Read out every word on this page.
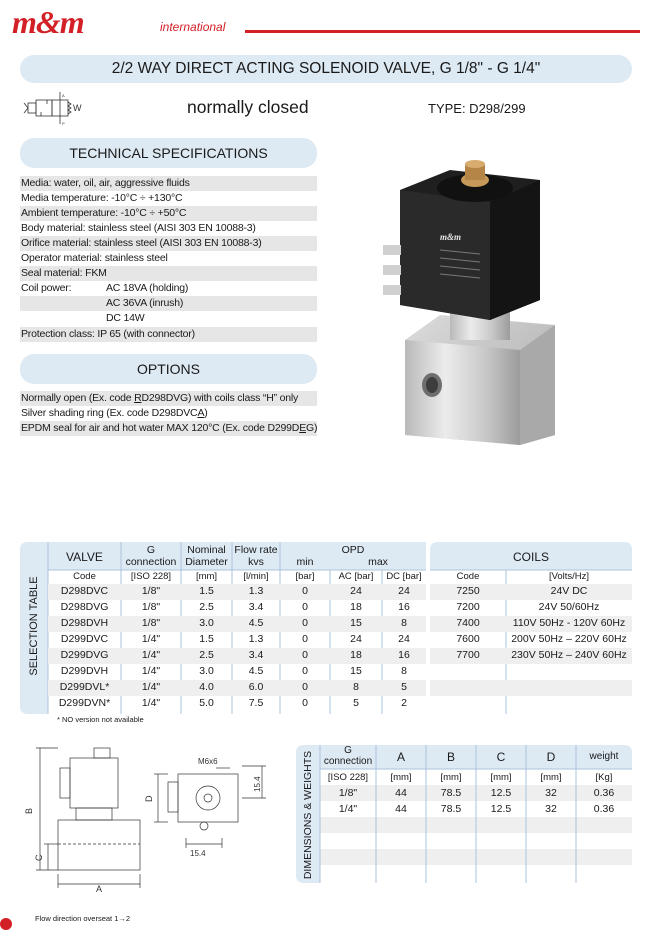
m&m	international
2/2 WAY DIRECT ACTING SOLENOID VALVE, G 1/8" - G 1/4"
W
A
P
normally closed	TYPE: D298/299
TECHNICAL SPECIFICATIONS
Media: water, oil, air, aggressive fluids
Media temperature: -10°C ÷ +130°C
Ambient temperature: -10°C ÷ +50°C
Body material: stainless steel (AISI 303 EN 10088-3)
Orifice material: stainless steel (AISI 303 EN 10088-3)
Operator material: stainless steel
Seal material: FKM
Coil power:	AC 18VA (holding)
AC 36VA (inrush)
DC 14W
Protection class: IP 65 (with connector)
OPTIONS
Normally open (Ex. code RD298DVG) with coils class “H” only
Silver shading ring (Ex. code D298DVCA)
EPDM seal for air and hot water MAX 120°C (Ex. code D299DEG)
m&m
SELECTION TABLE
VALVE	G
connection
Nominal
Diameter
Flow rate
kvs
OPD
min	max	COILS
Code	[ISO 228]	[mm]	[l/min]	[bar]	AC [bar]	DC [bar]	Code	[Volts/Hz]
D298DVC	1/8"	1.5	1.3	0	24	24
D298DVG	1/8"	2.5	3.4	0	18	16
D298DVH	1/8"	3.0	4.5	0	15	8
D299DVC	1/4"	1.5	1.3	0	24	24
D299DVG	1/4"	2.5	3.4	0	18	16
D299DVH	1/4"	3.0	4.5	0	15	8
D299DVL*	1/4"	4.0	6.0	0	8	5
D299DVN*	1/4"	5.0	7.5	0	5	2
7250	24V DC
7200	24V 50/60Hz
7400	110V 50Hz - 120V 60Hz
7600	200V 50Hz – 220V 60Hz
7700	230V 50Hz – 240V 60Hz
* NO version not available
B
C
A
D
M6x6
15.4
15.4	DIMENSIONS & WEIGHTS
G
connection	A	B	C	D	weight
[ISO 228]	[mm]	[mm]	[mm]	[mm]	[Kg]
1/8"	44	78.5	12.5	32	0.36
1/4"	44	78.5	12.5	32	0.36
Flow direction overseat 1→2
